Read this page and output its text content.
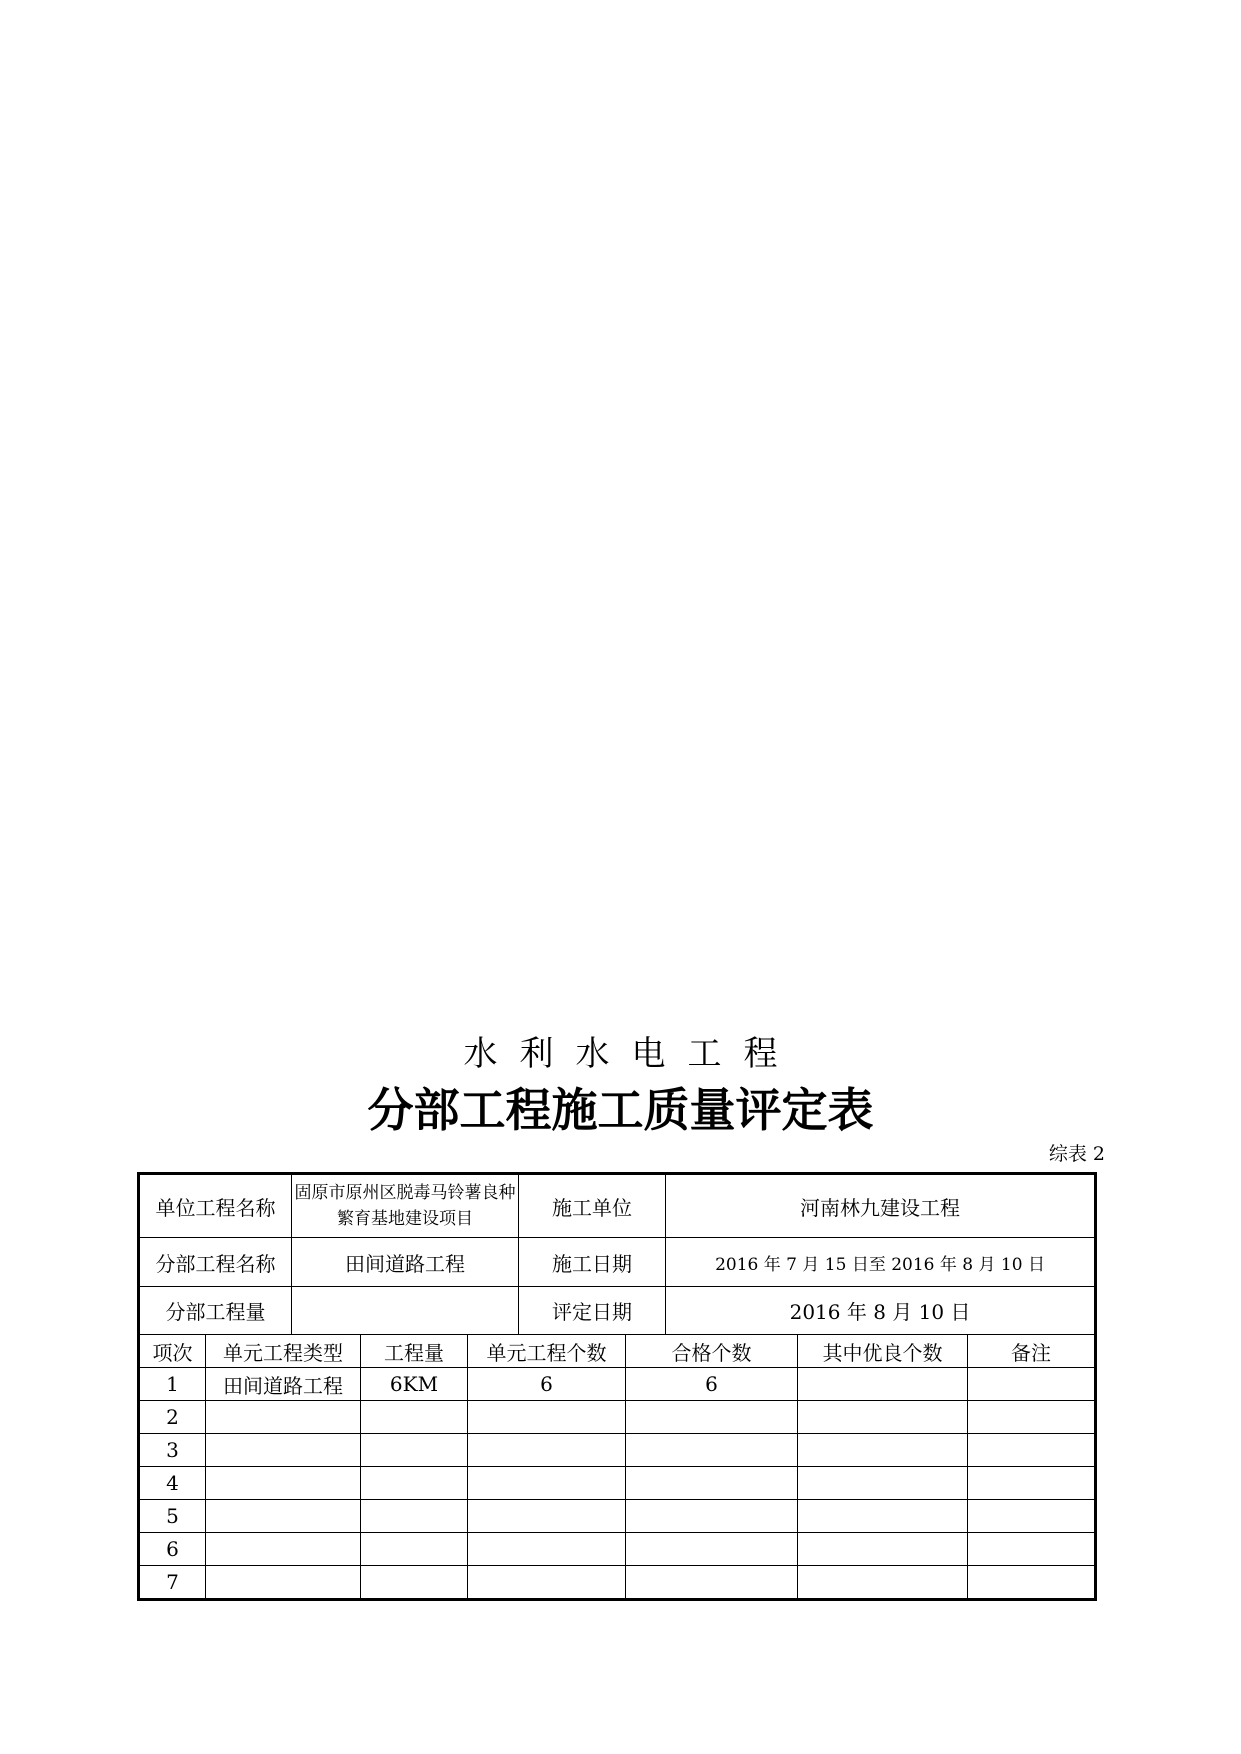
水利水电工程
分部工程施工质量评定表
综表 2
单位工程名称		固原市原州区脱毒马铃薯良种繁育基地建设项目			施工单位		河南林九建设工程		
分部工程名称		田间道路工程			施工日期		2016 年 7 月 15 日至 2016 年 8 月 10 日		
分部工程量					评定日期		2016 年 8 月 10 日		
项次	单元工程类型		工程量	单元工程个数		合格个数		其中优良个数	备注
1	田间道路工程		6KM	6		6			
2									
3									
4									
5									
6									
7									
